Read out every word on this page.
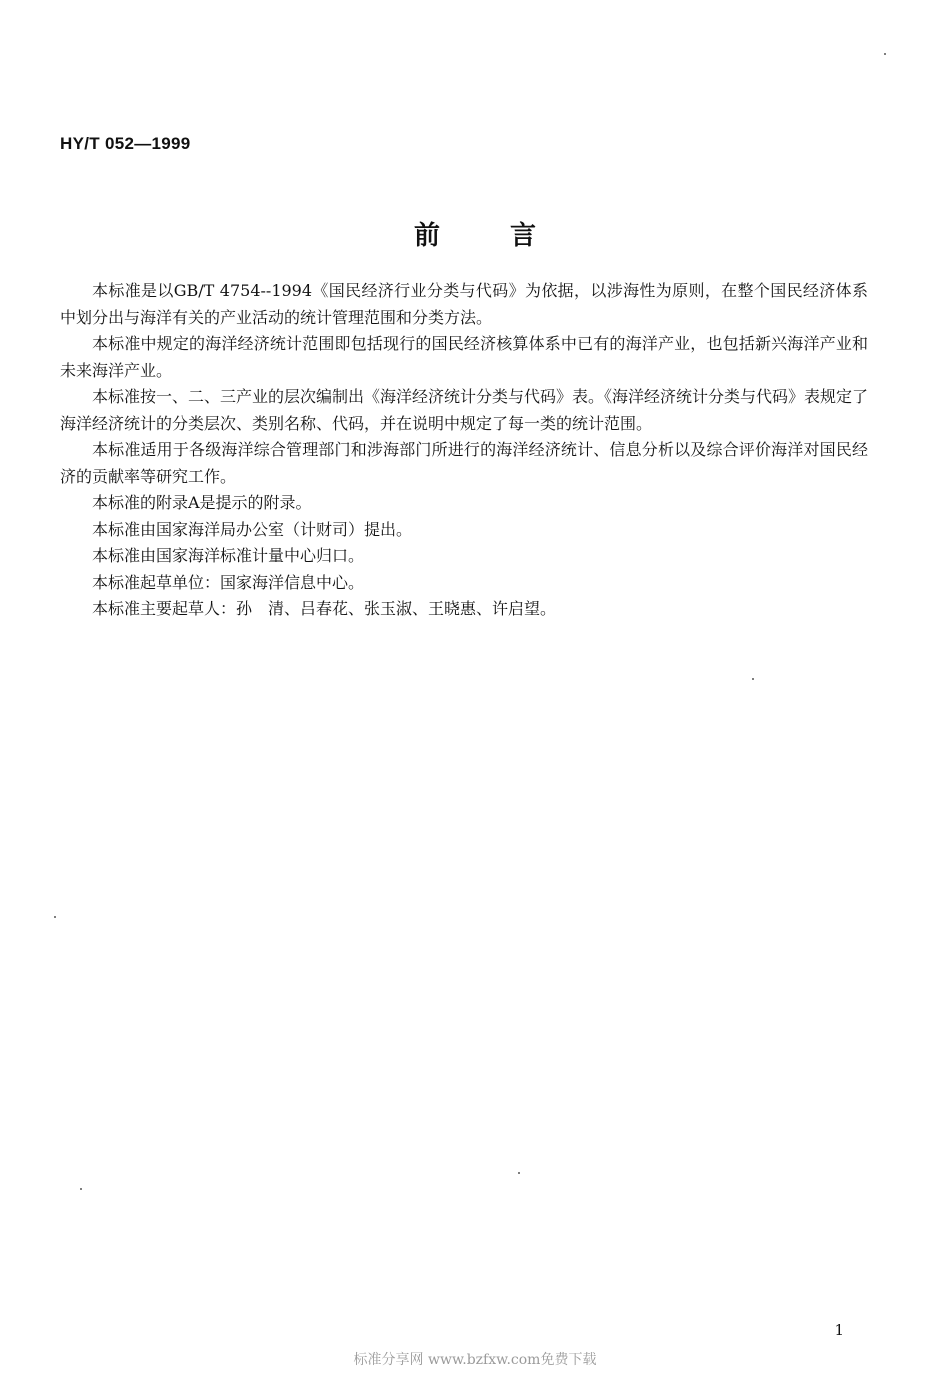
HY/T 052—1999
前言

本标准是以GB/T 4754--1994《国民经济行业分类与代码》为依据，以涉海性为原则，在整个国民经济体系中划分出与海洋有关的产业活动的统计管理范围和分类方法。

本标准中规定的海洋经济统计范围即包括现行的国民经济核算体系中已有的海洋产业，也包括新兴海洋产业和未来海洋产业。

本标准按一、二、三产业的层次编制出《海洋经济统计分类与代码》表。《海洋经济统计分类与代码》表规定了海洋经济统计的分类层次、类别名称、代码，并在说明中规定了每一类的统计范围。

本标准适用于各级海洋综合管理部门和涉海部门所进行的海洋经济统计、信息分析以及综合评价海洋对国民经济的贡献率等研究工作。

本标准的附录A是提示的附录。

本标准由国家海洋局办公室（计财司）提出。

本标准由国家海洋标准计量中心归口。

本标准起草单位：国家海洋信息中心。

本标准主要起草人：孙　清、吕春花、张玉淑、王晓惠、许启望。

1
标准分享网 www.bzfxw.com免费下载
